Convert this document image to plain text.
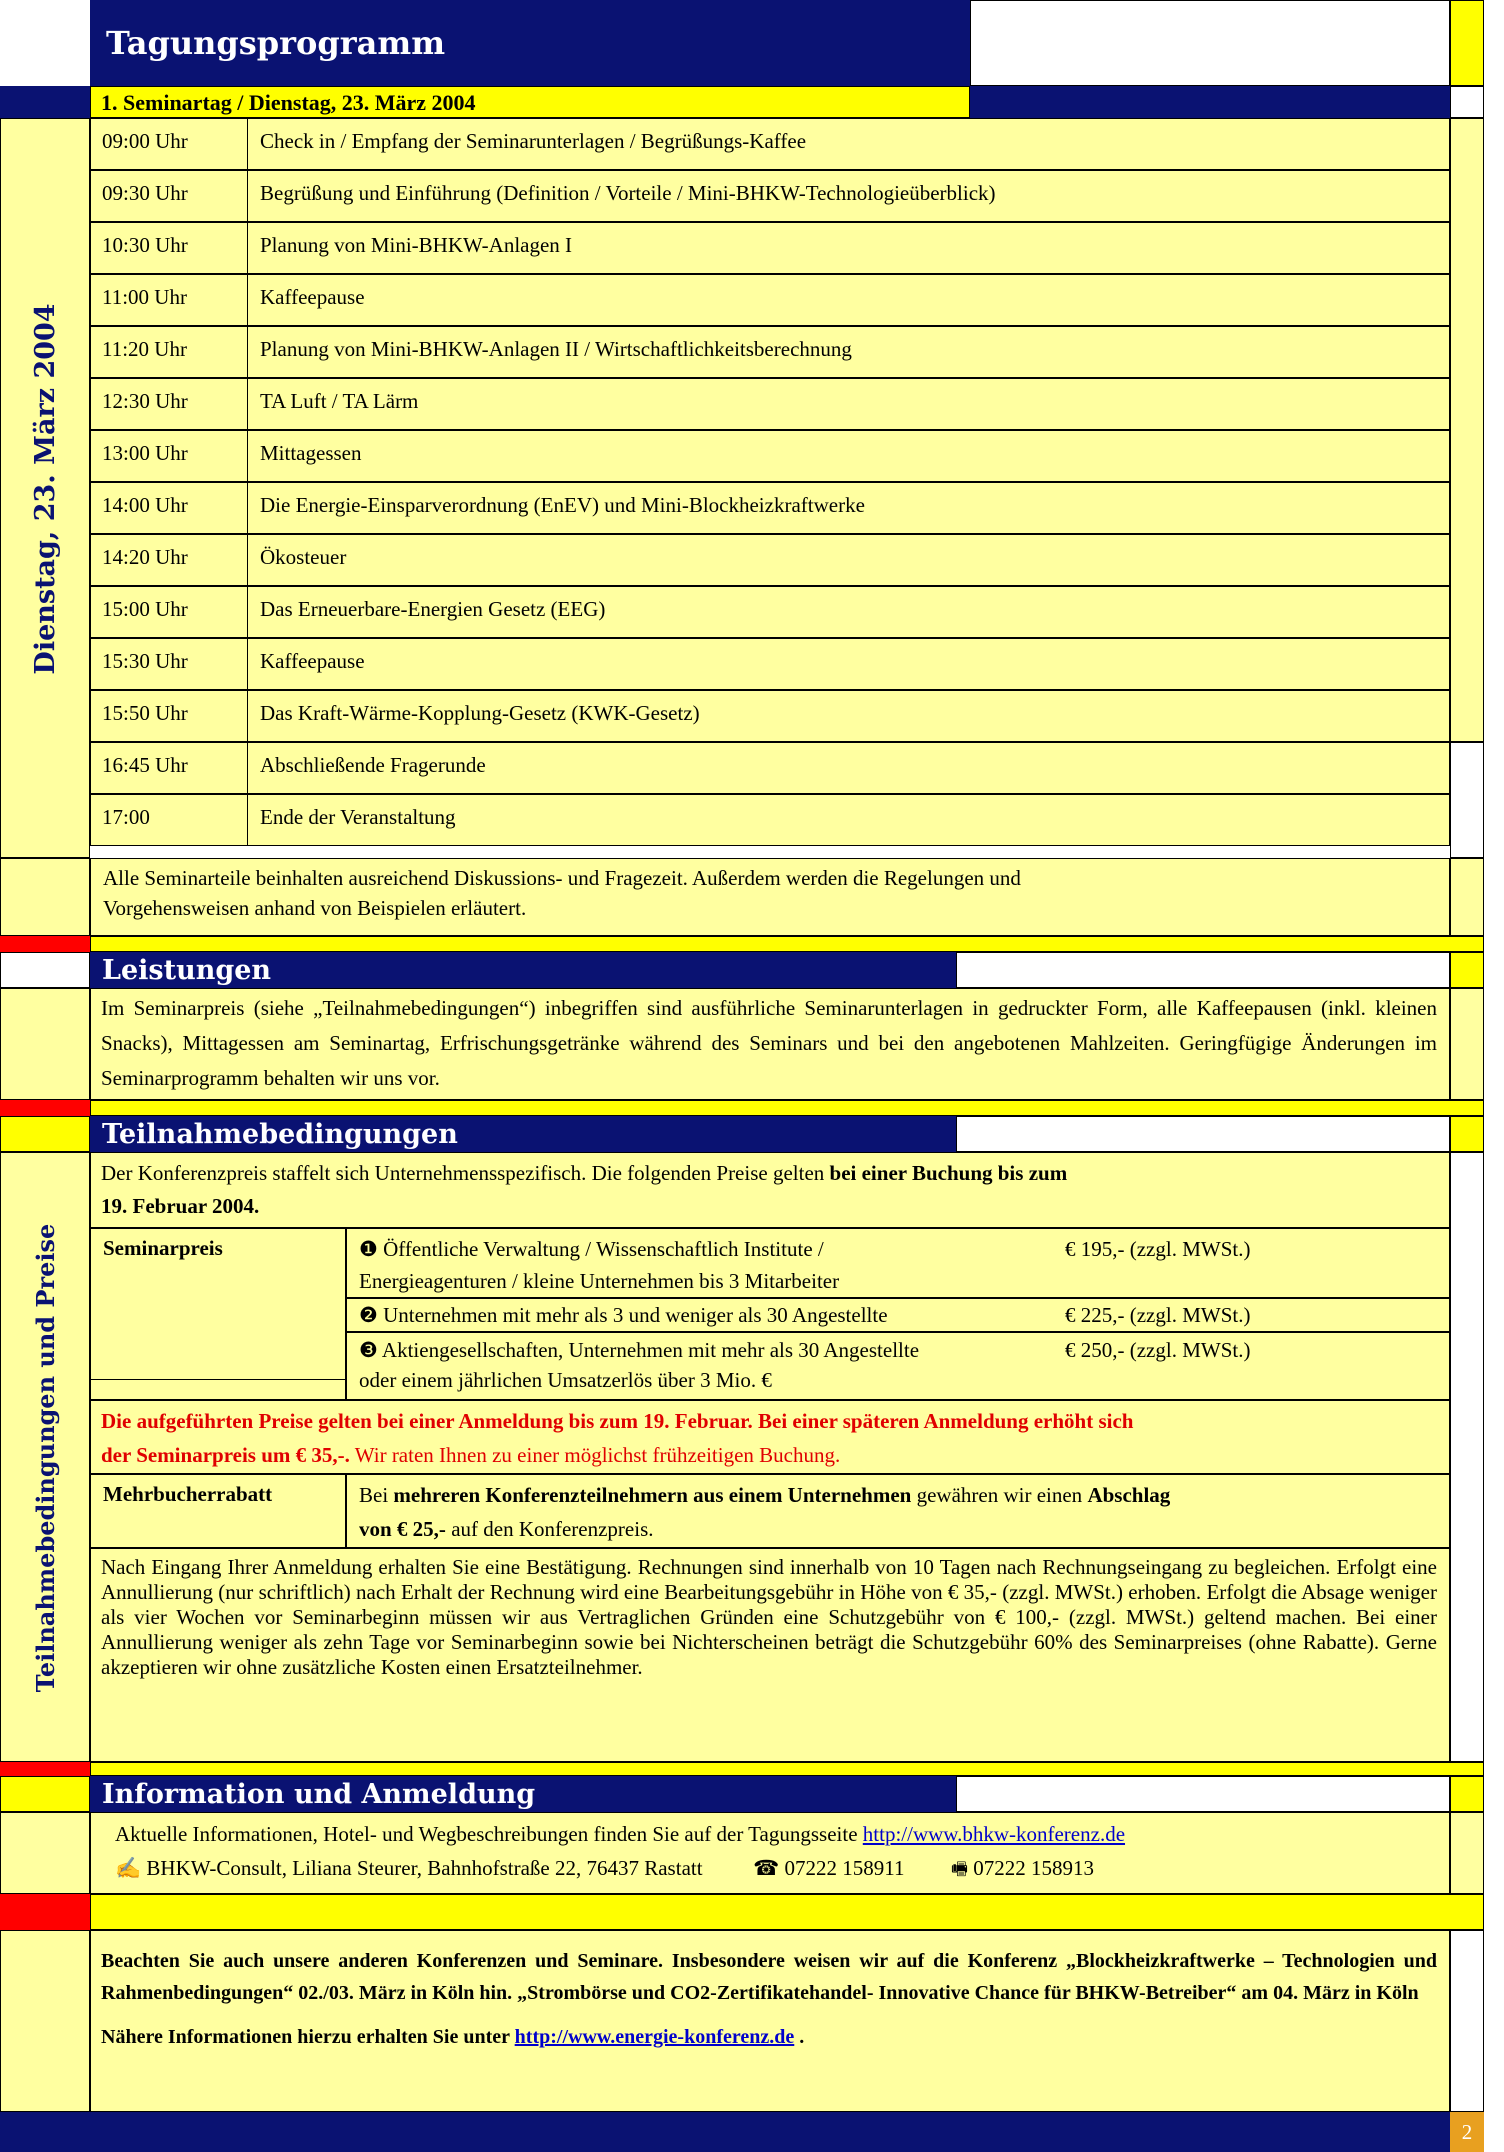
Tagungsprogramm
1. Seminartag / Dienstag, 23. März 2004
Dienstag, 23. März 2004
09:00 Uhr	Check in / Empfang der Seminarunterlagen / Begrüßungs-Kaffee
09:30 Uhr	Begrüßung und Einführung (Definition / Vorteile / Mini-BHKW-Technologieüberblick)
10:30 Uhr	Planung von Mini-BHKW-Anlagen I
11:00 Uhr	Kaffeepause
11:20 Uhr	Planung von Mini-BHKW-Anlagen II / Wirtschaftlichkeitsberechnung
12:30 Uhr	TA Luft / TA Lärm
13:00 Uhr	Mittagessen
14:00 Uhr	Die Energie-Einsparverordnung (EnEV) und Mini-Blockheizkraftwerke
14:20 Uhr	Ökosteuer
15:00 Uhr	Das Erneuerbare-Energien Gesetz (EEG)
15:30 Uhr	Kaffeepause
15:50 Uhr	Das Kraft-Wärme-Kopplung-Gesetz (KWK-Gesetz)
16:45 Uhr	Abschließende Fragerunde
17:00	Ende der Veranstaltung
Alle Seminarteile beinhalten ausreichend Diskussions- und Fragezeit. Außerdem werden die Regelungen und
Vorgehensweisen anhand von Beispielen erläutert.
Leistungen
Im Seminarpreis (siehe „Teilnahmebedingungen“) inbegriffen sind ausführliche Seminarunterlagen in gedruckter Form, alle Kaffeepausen (inkl. kleinen Snacks), Mittagessen am Seminartag, Erfrischungsgetränke während des Seminars und bei den angebotenen Mahlzeiten. Geringfügige Änderungen im Seminarprogramm behalten wir uns vor.
Teilnahmebedingungen
Teilnahmebedingungen und Preise
Der Konferenzpreis staffelt sich Unternehmensspezifisch. Die folgenden Preise gelten bei einer Buchung bis zum
19. Februar 2004.
Seminarpreis	❶ Öffentliche Verwaltung / Wissenschaftlich Institute /
Energieagenturen / kleine Unternehmen bis 3 Mitarbeiter
€ 195,- (zzgl. MWSt.)
❷ Unternehmen mit mehr als 3 und weniger als 30 Angestellte	€ 225,- (zzgl. MWSt.)
❸ Aktiengesellschaften, Unternehmen mit mehr als 30 Angestellte	€ 250,- (zzgl. MWSt.)
oder einem jährlichen Umsatzerlös über 3 Mio. €
Die aufgeführten Preise gelten bei einer Anmeldung bis zum 19. Februar. Bei einer späteren Anmeldung erhöht sich
der Seminarpreis um € 35,-. Wir raten Ihnen zu einer möglichst frühzeitigen Buchung.
Mehrbucherrabatt	Bei mehreren Konferenzteilnehmern aus einem Unternehmen gewähren wir einen Abschlag
von € 25,- auf den Konferenzpreis.
Nach Eingang Ihrer Anmeldung erhalten Sie eine Bestätigung. Rechnungen sind innerhalb von 10 Tagen nach Rechnungseingang zu begleichen. Erfolgt eine Annullierung (nur schriftlich) nach Erhalt der Rechnung wird eine Bearbeitungsgebühr in Höhe von € 35,- (zzgl. MWSt.) erhoben. Erfolgt die Absage weniger als vier Wochen vor Seminarbeginn müssen wir aus Vertraglichen Gründen eine Schutzgebühr von € 100,- (zzgl. MWSt.) geltend machen. Bei einer Annullierung weniger als zehn Tage vor Seminarbeginn sowie bei Nichterscheinen beträgt die Schutzgebühr 60% des Seminarpreises (ohne Rabatte). Gerne akzeptieren wir ohne zusätzliche Kosten einen Ersatzteilnehmer.
Information und Anmeldung
Aktuelle Informationen, Hotel- und Wegbeschreibungen finden Sie auf der Tagungsseite http://www.bhkw-konferenz.de
✍ BHKW-Consult, Liliana Steurer, Bahnhofstraße 22, 76437 Rastatt ☎ 07222 158911	🖷 07222 158913
Beachten Sie auch unsere anderen Konferenzen und Seminare. Insbesondere weisen wir auf die Konferenz „Blockheizkraftwerke – Technologien und Rahmenbedingungen“ 02./03. März in Köln hin. „Strombörse und CO2-Zertifikatehandel- Innovative Chance für BHKW-Betreiber“ am 04. März in Köln
Nähere Informationen hierzu erhalten Sie unter http://www.energie-konferenz.de .
2
